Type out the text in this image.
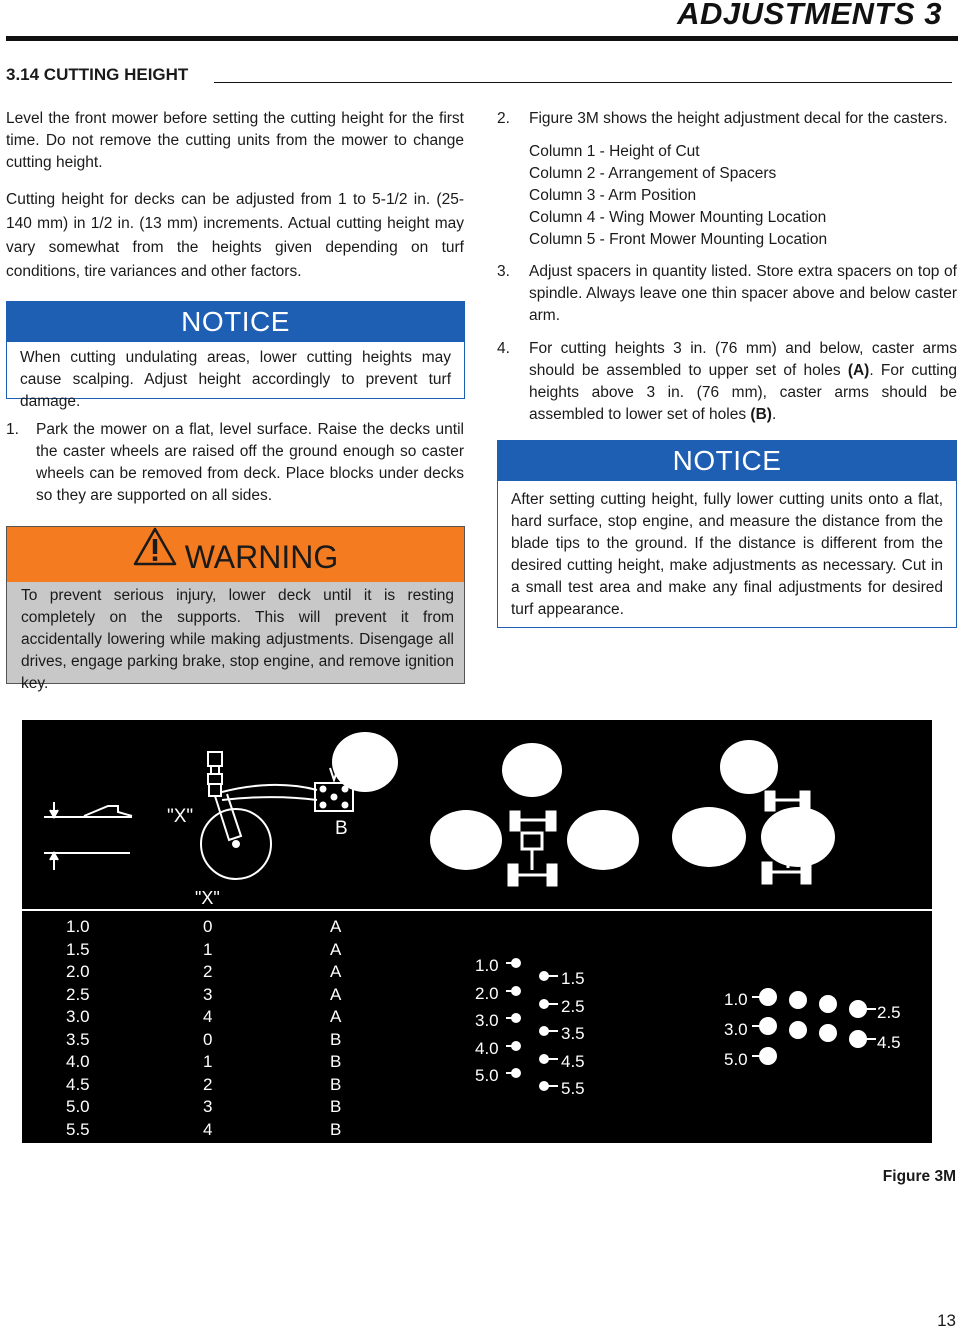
ADJUSTMENTS 3
3.14 CUTTING HEIGHT
Level the front mower before setting the cutting height for the first time. Do not remove the cutting units from the mower to change cutting height.
Cutting height for decks can be adjusted from 1 to 5-1/2 in. (25-140 mm) in 1/2 in. (13 mm) increments. Actual cutting height may vary somewhat from the heights given depending on turf conditions, tire variances and other factors.
NOTICE
When cutting undulating areas, lower cutting heights may cause scalping. Adjust height accordingly to prevent turf damage.
1. Park the mower on a flat, level surface. Raise the decks until the caster wheels are raised off the ground enough so caster wheels can be removed from deck. Place blocks under decks so they are supported on all sides.
WARNING
To prevent serious injury, lower deck until it is resting completely on the supports. This will prevent it from accidentally lowering while making adjustments. Disengage all drives, engage parking brake, stop engine, and remove ignition key.
2. Figure 3M shows the height adjustment decal for the casters.
Column 1 - Height of Cut
Column 2 - Arrangement of Spacers
Column 3 - Arm Position
Column 4 - Wing Mower Mounting Location
Column 5 - Front Mower Mounting Location
3. Adjust spacers in quantity listed. Store extra spacers on top of spindle. Always leave one thin spacer above and below caster arm.
4. For cutting heights 3 in. (76 mm) and below, caster arms should be assembled to upper set of holes (A). For cutting heights above 3 in. (76 mm), caster arms should be assembled to lower set of holes (B).
NOTICE
After setting cutting height, fully lower cutting units onto a flat, hard surface, stop engine, and measure the distance from the blade tips to the ground. If the distance is different from the desired cutting height, make adjustments as necessary. Cut in a small test area and make any final adjustments for desired turf appearance.
A
B
"X"
"X"
1.0
1.5
2.0
2.5
3.0
3.5
4.0
4.5
5.0
5.5
0
1
2
3
4
0
1
2
3
4
A
A
A
A
A
B
B
B
B
B
1.0
2.0
3.0
4.0
5.0
1.5
2.5
3.5
4.5
5.5
1.0
3.0
5.0
2.5
4.5
Figure 3M
13
